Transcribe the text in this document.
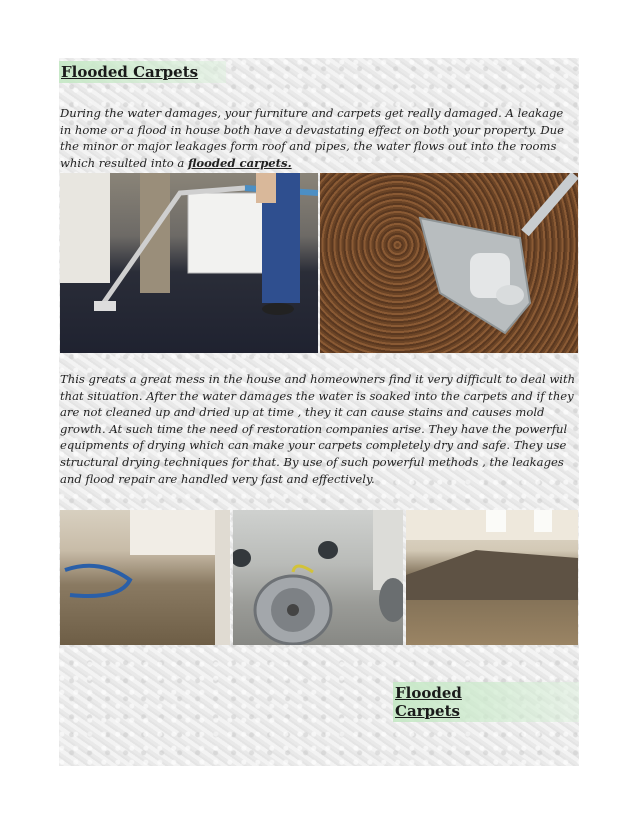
Flooded Carpets

During the water damages, your furniture and carpets get really damaged. A leakage in home or a flood in house both have a devastating effect on both your property. Due the minor or major leakages form roof and pipes, the water flows out into the rooms which resulted into a flooded carpets.

This greats a great mess in the house and homeowners find it very difficult to deal with that situation. After the water damages the water is soaked into the carpets and if they are not cleaned up and dried up at time , they it can cause stains and causes mold growth. At such time the need of restoration companies arise. They have the powerful equipments of drying which can make your carpets completely dry and safe. They use structural drying techniques for that. By use of such powerful methods , the leakages and flood repair are handled very fast and effectively.

Flooded Carpets
